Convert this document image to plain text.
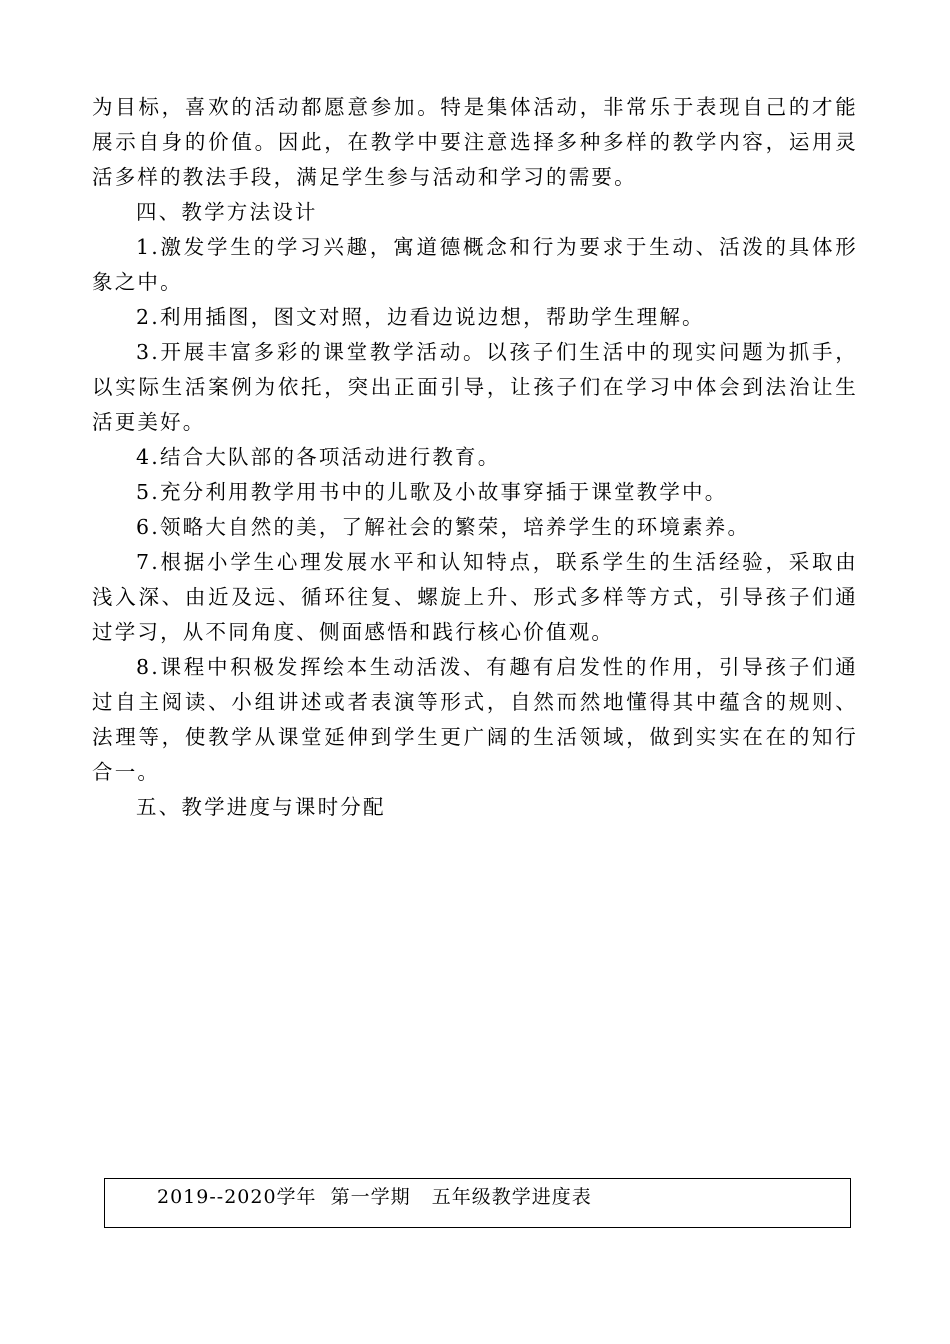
为目标，喜欢的活动都愿意参加。特是集体活动，非常乐于表现自己的才能展示自身的价值。因此，在教学中要注意选择多种多样的教学内容，运用灵活多样的教法手段，满足学生参与活动和学习的需要。

四、教学方法设计

1.激发学生的学习兴趣，寓道德概念和行为要求于生动、活泼的具体形象之中。

2.利用插图，图文对照，边看边说边想，帮助学生理解。

3.开展丰富多彩的课堂教学活动。以孩子们生活中的现实问题为抓手，以实际生活案例为依托，突出正面引导，让孩子们在学习中体会到法治让生活更美好。

4.结合大队部的各项活动进行教育。

5.充分利用教学用书中的儿歌及小故事穿插于课堂教学中。

6.领略大自然的美，了解社会的繁荣，培养学生的环境素养。

7.根据小学生心理发展水平和认知特点，联系学生的生活经验，采取由浅入深、由近及远、循环往复、螺旋上升、形式多样等方式，引导孩子们通过学习，从不同角度、侧面感悟和践行核心价值观。

8.课程中积极发挥绘本生动活泼、有趣有启发性的作用，引导孩子们通过自主阅读、小组讲述或者表演等形式，自然而然地懂得其中蕴含的规则、法理等，使教学从课堂延伸到学生更广阔的生活领域，做到实实在在的知行合一。

五、教学进度与课时分配

2019--2020学年  第一学期   五年级教学进度表
